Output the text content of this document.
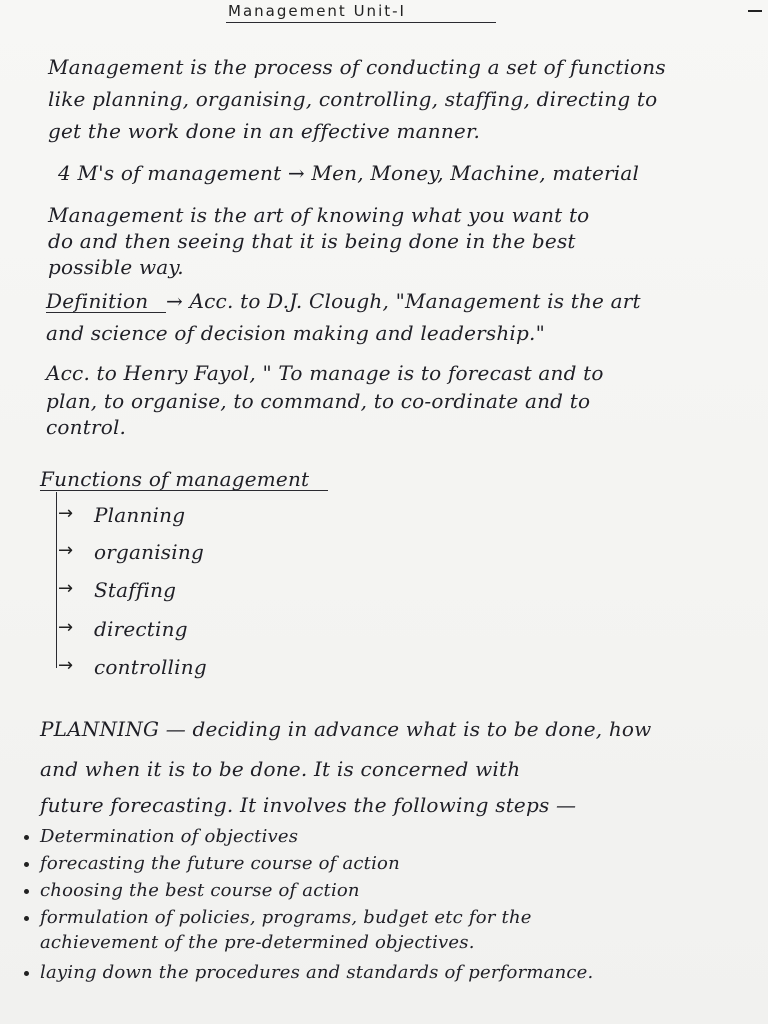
Management Unit-I
Management is the process of conducting a set of functions
like planning, organising, controlling, staffing, directing to
get the work done in an effective manner.
4 M's of management → Men, Money, Machine, material
Management is the art of knowing what you want to
do and then seeing that it is being done in the best
possible way.
Definition → Acc. to D.J. Clough, "Management is the art
and science of decision making and leadership."
Acc. to Henry Fayol, " To manage is to forecast and to
plan, to organise, to command, to co-ordinate and to
control.
Functions of management
→ Planning
→ organising
→ Staffing
→ directing
→ controlling
PLANNING — deciding in advance what is to be done, how
and when it is to be done. It is concerned with
future forecasting. It involves the following steps —
Determination of objectives
forecasting the future course of action
choosing the best course of action
formulation of policies, programs, budget etc for the
achievement of the pre-determined objectives.
laying down the procedures and standards of performance.
